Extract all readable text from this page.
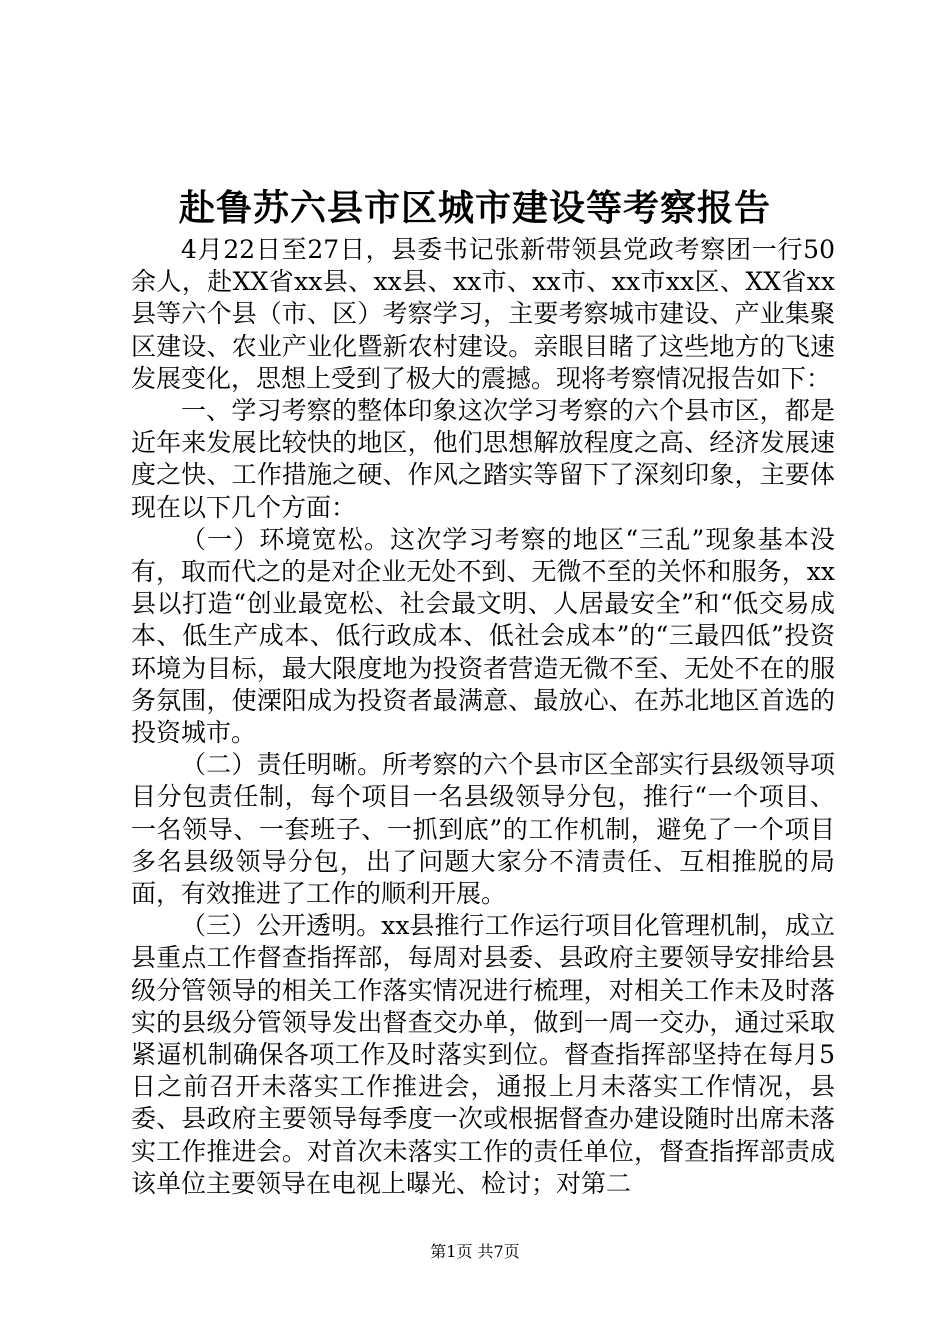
赴鲁苏六县市区城市建设等考察报告

4月22日至27日，县委书记张新带领县党政考察团一行50余人，赴XX省xx县、xx县、xx市、xx市、xx市xx区、XX省xx县等六个县（市、区）考察学习，主要考察城市建设、产业集聚区建设、农业产业化暨新农村建设。亲眼目睹了这些地方的飞速发展变化，思想上受到了极大的震撼。现将考察情况报告如下：

一、学习考察的整体印象这次学习考察的六个县市区，都是近年来发展比较快的地区，他们思想解放程度之高、经济发展速度之快、工作措施之硬、作风之踏实等留下了深刻印象，主要体现在以下几个方面：

（一）环境宽松。这次学习考察的地区“三乱”现象基本没有，取而代之的是对企业无处不到、无微不至的关怀和服务，xx县以打造“创业最宽松、社会最文明、人居最安全”和“低交易成本、低生产成本、低行政成本、低社会成本”的“三最四低”投资环境为目标，最大限度地为投资者营造无微不至、无处不在的服务氛围，使溧阳成为投资者最满意、最放心、在苏北地区首选的投资城市。

（二）责任明晰。所考察的六个县市区全部实行县级领导项目分包责任制，每个项目一名县级领导分包，推行“一个项目、一名领导、一套班子、一抓到底”的工作机制，避免了一个项目多名县级领导分包，出了问题大家分不清责任、互相推脱的局面，有效推进了工作的顺利开展。

（三）公开透明。xx县推行工作运行项目化管理机制，成立县重点工作督查指挥部，每周对县委、县政府主要领导安排给县级分管领导的相关工作落实情况进行梳理，对相关工作未及时落实的县级分管领导发出督查交办单，做到一周一交办，通过采取紧逼机制确保各项工作及时落实到位。督查指挥部坚持在每月5日之前召开未落实工作推进会，通报上月未落实工作情况，县委、县政府主要领导每季度一次或根据督查办建设随时出席未落实工作推进会。对首次未落实工作的责任单位，督查指挥部责成该单位主要领导在电视上曝光、检讨；对第二

第1页 共7页
